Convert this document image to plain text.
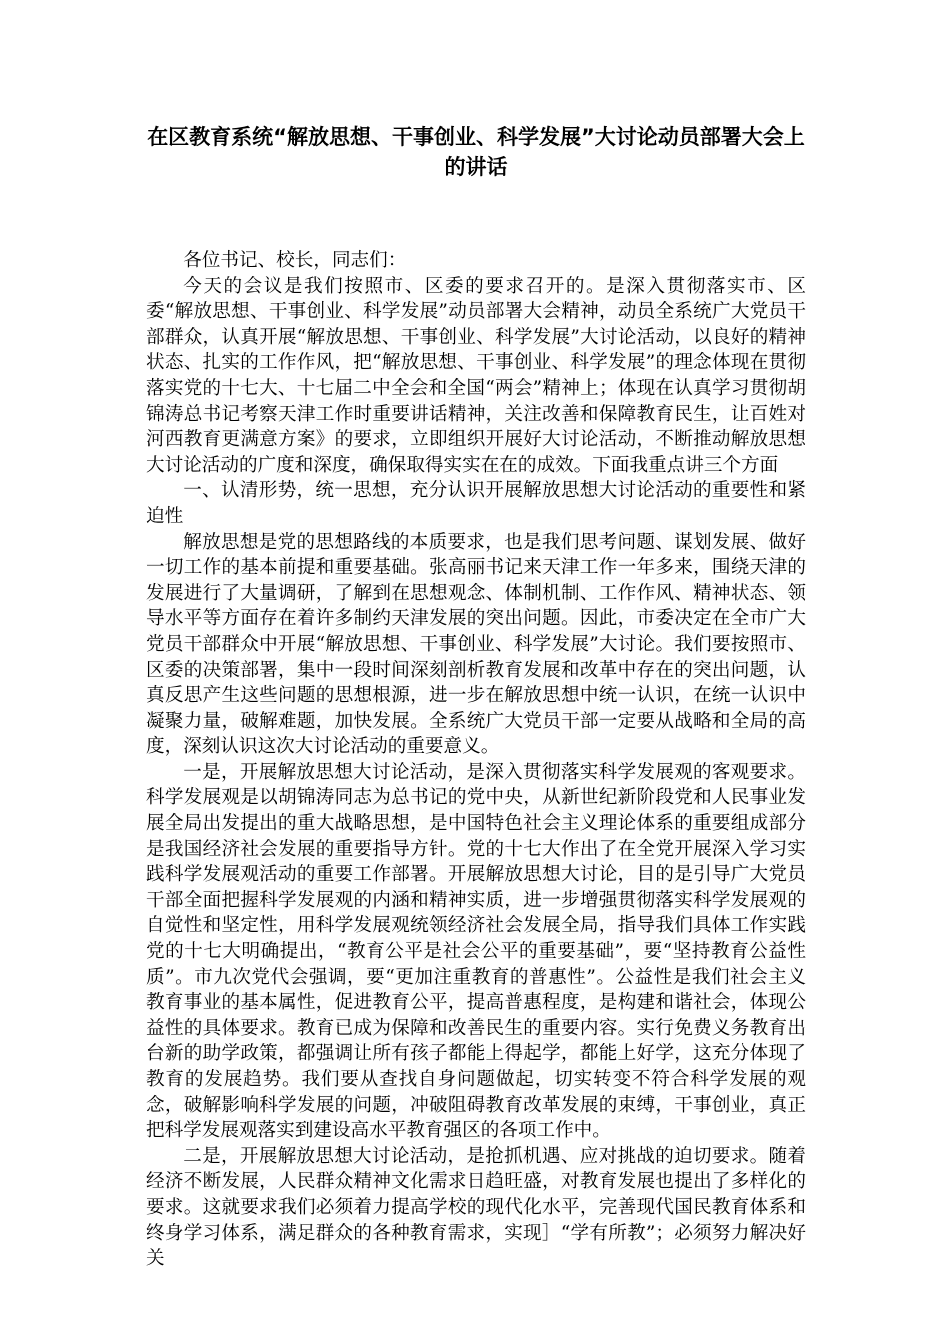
在区教育系统“解放思想、干事创业、科学发展”大讨论动员部署大会上的讲话

各位书记、校长，同志们：

今天的会议是我们按照市、区委的要求召开的。是深入贯彻落实市、区委“解放思想、干事创业、科学发展”动员部署大会精神，动员全系统广大党员干部群众，认真开展“解放思想、干事创业、科学发展”大讨论活动，以良好的精神状态、扎实的工作作风，把“解放思想、干事创业、科学发展”的理念体现在贯彻落实党的十七大、十七届二中全会和全国“两会”精神上；体现在认真学习贯彻胡锦涛总书记考察天津工作时重要讲话精神，关注改善和保障教育民生，让百姓对河西教育更满意方案》的要求，立即组织开展好大讨论活动，不断推动解放思想大讨论活动的广度和深度，确保取得实实在在的成效。下面我重点讲三个方面

一、认清形势，统一思想，充分认识开展解放思想大讨论活动的重要性和紧迫性

解放思想是党的思想路线的本质要求，也是我们思考问题、谋划发展、做好一切工作的基本前提和重要基础。张高丽书记来天津工作一年多来，围绕天津的发展进行了大量调研，了解到在思想观念、体制机制、工作作风、精神状态、领导水平等方面存在着许多制约天津发展的突出问题。因此，市委决定在全市广大党员干部群众中开展“解放思想、干事创业、科学发展”大讨论。我们要按照市、区委的决策部署，集中一段时间深刻剖析教育发展和改革中存在的突出问题，认真反思产生这些问题的思想根源，进一步在解放思想中统一认识，在统一认识中凝聚力量，破解难题，加快发展。全系统广大党员干部一定要从战略和全局的高度，深刻认识这次大讨论活动的重要意义。

一是，开展解放思想大讨论活动，是深入贯彻落实科学发展观的客观要求。科学发展观是以胡锦涛同志为总书记的党中央，从新世纪新阶段党和人民事业发展全局出发提出的重大战略思想，是中国特色社会主义理论体系的重要组成部分是我国经济社会发展的重要指导方针。党的十七大作出了在全党开展深入学习实践科学发展观活动的重要工作部署。开展解放思想大讨论，目的是引导广大党员干部全面把握科学发展观的内涵和精神实质，进一步增强贯彻落实科学发展观的自觉性和坚定性，用科学发展观统领经济社会发展全局，指导我们具体工作实践党的十七大明确提出，“教育公平是社会公平的重要基础”，要“坚持教育公益性质”。市九次党代会强调，要“更加注重教育的普惠性”。公益性是我们社会主义教育事业的基本属性，促进教育公平，提高普惠程度，是构建和谐社会，体现公益性的具体要求。教育已成为保障和改善民生的重要内容。实行免费义务教育出台新的助学政策，都强调让所有孩子都能上得起学，都能上好学，这充分体现了教育的发展趋势。我们要从查找自身问题做起，切实转变不符合科学发展的观念，破解影响科学发展的问题，冲破阻碍教育改革发展的束缚，干事创业，真正把科学发展观落实到建设高水平教育强区的各项工作中。

二是，开展解放思想大讨论活动，是抢抓机遇、应对挑战的迫切要求。随着经济不断发展，人民群众精神文化需求日趋旺盛，对教育发展也提出了多样化的要求。这就要求我们必须着力提高学校的现代化水平，完善现代国民教育体系和终身学习体系，满足群众的各种教育需求，实现］“学有所教”；必须努力解决好关
